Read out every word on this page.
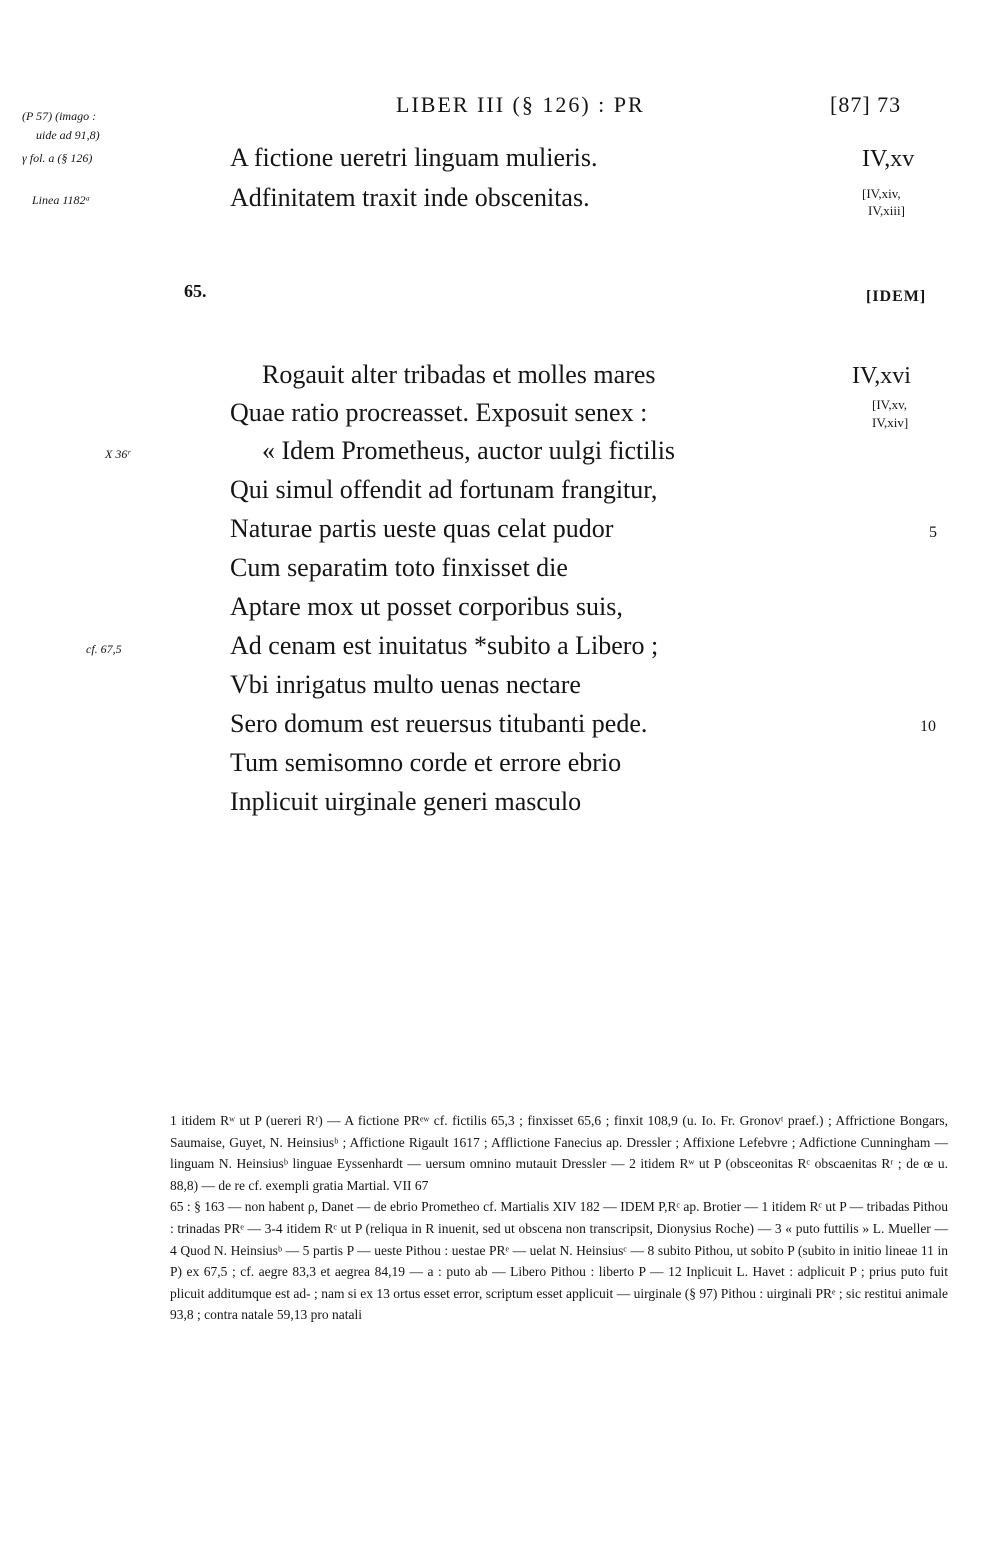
LIBER III (§ 126) : PR	[87] 73
(P 57) (imago :
uide ad 91,8)
γ fol. a (§ 126)
Linea 1182ᵃ
A fictione ueretri linguam mulieris.
Adfinitatem traxit inde obscenitas.
IV,xv
[IV,xiv,
IV,xiii]
65.	[IDEM]
Rogauit alter tribadas et molles mares
Quae ratio procreasset. Exposuit senex :
« Idem Prometheus, auctor uulgi fictilis
Qui simul offendit ad fortunam frangitur,
Naturae partis ueste quas celat pudor
Cum separatim toto finxisset die
Aptare mox ut posset corporibus suis,
Ad cenam est inuitatus *subito a Libero ;
Vbi inrigatus multo uenas nectare
Sero domum est reuersus titubanti pede.
Tum semisomno corde et errore ebrio
Inplicuit uirginale generi masculo
X 36ʳ
cf. 67,5
IV,xvi
[IV,xv,
IV,xiv]
5
10

1 itidem Rʷ ut P (uereri Rʳ) — A fictione PRᵉʷ cf. fictilis 65,3 ; finxisset 65,6 ; finxit 108,9 (u. Io. Fr. Gronovᵗ praef.) ; Affrictione Bongars, Saumaise, Guyet, N. Heinsiusᵇ ; Affictione Rigault 1617 ; Afflictione Fanecius ap. Dressler ; Affixione Lefebvre ; Adfictione Cunningham — linguam N. Heinsiusᵇ linguae Eyssenhardt — uersum omnino mutauit Dressler — 2 itidem Rʷ ut P (obsceonitas Rᶜ obscaenitas Rʳ ; de œ u. 88,8) — de re cf. exempli gratia Martial. VII 67

65 : § 163 — non habent ρ, Danet — de ebrio Prometheo cf. Martialis XIV 182 — IDEM P,Rᶜ ap. Brotier — 1 itidem Rᶜ ut P — tribadas Pithou : trinadas PRᵉ — 3-4 itidem Rᶜ ut P (reliqua in R inuenit, sed ut obscena non transcripsit, Dionysius Roche) — 3 « puto futtilis » L. Mueller — 4 Quod N. Heinsiusᵇ — 5 partis P — ueste Pithou : uestae PRᵉ — uelat N. Heinsiusᶜ — 8 subito Pithou, ut sobito P (subito in initio lineae 11 in P) ex 67,5 ; cf. aegre 83,3 et aegrea 84,19 — a : puto ab — Libero Pithou : liberto P — 12 Inplicuit L. Havet : adplicuit P ; prius puto fuit plicuit additumque est ad- ; nam si ex 13 ortus esset error, scriptum esset applicuit — uirginale (§ 97) Pithou : uirginali PRᵉ ; sic restitui animale 93,8 ; contra natale 59,13 pro natali
